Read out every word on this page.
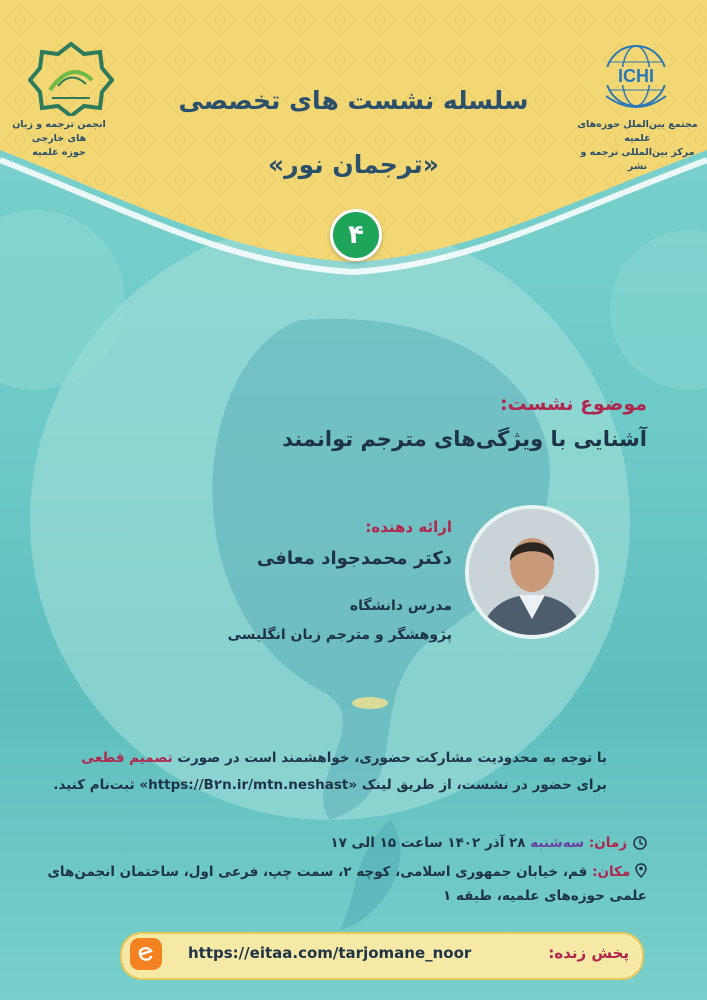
ICHI
مجتمع بین‌الملل حوزه‌های علمیه
مرکز بین‌المللی ترجمه و نشر
انجمن ترجمه و زبان های خارجی
حوزه علمیه
سلسله نشست های تخصصی
«ترجمان نور»
۴
موضوع نشست:
آشنایی با ویژگی‌های مترجم توانمند
ارائه دهنده:
دکتر محمدجواد معافی
مدرس دانشگاه
پژوهشگر و مترجم زبان انگلیسی
با توجه به محدودیت مشارکت حضوری، خواهشمند است در صورت تصمیم قطعی برای حضور در نشست، از طریق لینک «https://B۲n.ir/mtn.neshast» ثبت‌نام کنید.
زمان: سه‌شنبه ۲۸ آذر ۱۴۰۲ ساعت ۱۵ الی ۱۷
مکان: قم، خیابان جمهوری اسلامی، کوچه ۲، سمت چپ، فرعی اول، ساختمان انجمن‌های علمی حوزه‌های علمیه، طبقه ۱
https://eitaa.com/tarjomane_noor	پخش زنده:
